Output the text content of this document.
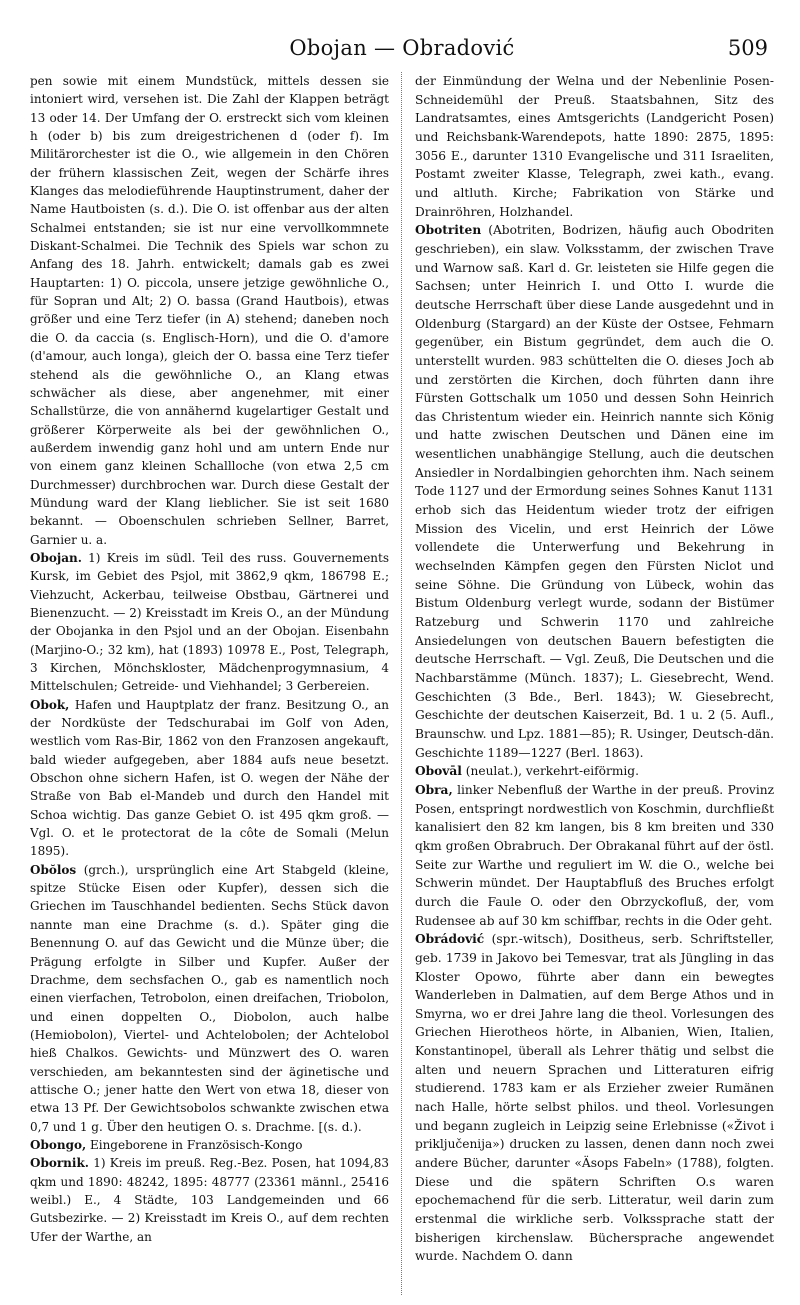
Obojan — Obradović	509

pen sowie mit einem Mundstück, mittels dessen sie intoniert wird, versehen ist. Die Zahl der Klappen beträgt 13 oder 14. Der Umfang der O. erstreckt sich vom kleinen h (oder b) bis zum dreigestrichenen d (oder f). Im Militärorchester ist die O., wie allgemein in den Chören der frühern klassischen Zeit, wegen der Schärfe ihres Klanges das melodieführende Hauptinstrument, daher der Name Hautboisten (s. d.). Die O. ist offenbar aus der alten Schalmei entstanden; sie ist nur eine vervollkommnete Diskant-Schalmei. Die Technik des Spiels war schon zu Anfang des 18. Jahrh. entwickelt; damals gab es zwei Hauptarten: 1) O. piccola, unsere jetzige gewöhnliche O., für Sopran und Alt; 2) O. bassa (Grand Hautbois), etwas größer und eine Terz tiefer (in A) stehend; daneben noch die O. da caccia (s. Englisch-Horn), und die O. d'amore (d'amour, auch longa), gleich der O. bassa eine Terz tiefer stehend als die gewöhnliche O., an Klang etwas schwächer als diese, aber angenehmer, mit einer Schallstürze, die von annähernd kugelartiger Gestalt und größerer Körperweite als bei der gewöhnlichen O., außerdem inwendig ganz hohl und am untern Ende nur von einem ganz kleinen Schallloche (von etwa 2,5 cm Durchmesser) durchbrochen war. Durch diese Gestalt der Mündung ward der Klang lieblicher. Sie ist seit 1680 bekannt. — Oboenschulen schrieben Sellner, Barret, Garnier u. a.

Obojan. 1) Kreis im südl. Teil des russ. Gouvernements Kursk, im Gebiet des Psjol, mit 3862,9 qkm, 186798 E.; Viehzucht, Ackerbau, teilweise Obstbau, Gärtnerei und Bienenzucht. — 2) Kreisstadt im Kreis O., an der Mündung der Obojanka in den Psjol und an der Obojan. Eisenbahn (Marjino-O.; 32 km), hat (1893) 10978 E., Post, Telegraph, 3 Kirchen, Mönchskloster, Mädchenprogymnasium, 4 Mittelschulen; Getreide- und Viehhandel; 3 Gerbereien.

Obok, Hafen und Hauptplatz der franz. Besitzung O., an der Nordküste der Tedschurabai im Golf von Aden, westlich vom Ras-Bir, 1862 von den Franzosen angekauft, bald wieder aufgegeben, aber 1884 aufs neue besetzt. Obschon ohne sichern Hafen, ist O. wegen der Nähe der Straße von Bab el-Mandeb und durch den Handel mit Schoa wichtig. Das ganze Gebiet O. ist 495 qkm groß. — Vgl. O. et le protectorat de la côte de Somali (Melun 1895).

Obŏlos (grch.), ursprünglich eine Art Stabgeld (kleine, spitze Stücke Eisen oder Kupfer), dessen sich die Griechen im Tauschhandel bedienten. Sechs Stück davon nannte man eine Drachme (s. d.). Später ging die Benennung O. auf das Gewicht und die Münze über; die Prägung erfolgte in Silber und Kupfer. Außer der Drachme, dem sechsfachen O., gab es namentlich noch einen vierfachen, Tetrobolon, einen dreifachen, Triobolon, und einen doppelten O., Diobolon, auch halbe (Hemiobolon), Viertel- und Achtelobolen; der Achtelobol hieß Chalkos. Gewichts- und Münzwert des O. waren verschieden, am bekanntesten sind der äginetische und attische O.; jener hatte den Wert von etwa 18, dieser von etwa 13 Pf. Der Gewichtsobolos schwankte zwischen etwa 0,7 und 1 g. Über den heutigen O. s. Drachme. [(s. d.).

Obongo, Eingeborene in Französisch-Kongo

Obornik. 1) Kreis im preuß. Reg.-Bez. Posen, hat 1094,83 qkm und 1890: 48242, 1895: 48777 (23361 männl., 25416 weibl.) E., 4 Städte, 103 Landgemeinden und 66 Gutsbezirke. — 2) Kreisstadt im Kreis O., auf dem rechten Ufer der Warthe, an

der Einmündung der Welna und der Nebenlinie Posen-Schneidemühl der Preuß. Staatsbahnen, Sitz des Landratsamtes, eines Amtsgerichts (Landgericht Posen) und Reichsbank-Warendepots, hatte 1890: 2875, 1895: 3056 E., darunter 1310 Evangelische und 311 Israeliten, Postamt zweiter Klasse, Telegraph, zwei kath., evang. und altluth. Kirche; Fabrikation von Stärke und Drainröhren, Holzhandel.

Obotriten (Abotriten, Bodrizen, häufig auch Obodriten geschrieben), ein slaw. Volksstamm, der zwischen Trave und Warnow saß. Karl d. Gr. leisteten sie Hilfe gegen die Sachsen; unter Heinrich I. und Otto I. wurde die deutsche Herrschaft über diese Lande ausgedehnt und in Oldenburg (Stargard) an der Küste der Ostsee, Fehmarn gegenüber, ein Bistum gegründet, dem auch die O. unterstellt wurden. 983 schüttelten die O. dieses Joch ab und zerstörten die Kirchen, doch führten dann ihre Fürsten Gottschalk um 1050 und dessen Sohn Heinrich das Christentum wieder ein. Heinrich nannte sich König und hatte zwischen Deutschen und Dänen eine im wesentlichen unabhängige Stellung, auch die deutschen Ansiedler in Nordalbingien gehorchten ihm. Nach seinem Tode 1127 und der Ermordung seines Sohnes Kanut 1131 erhob sich das Heidentum wieder trotz der eifrigen Mission des Vicelin, und erst Heinrich der Löwe vollendete die Unterwerfung und Bekehrung in wechselnden Kämpfen gegen den Fürsten Niclot und seine Söhne. Die Gründung von Lübeck, wohin das Bistum Oldenburg verlegt wurde, sodann der Bistümer Ratzeburg und Schwerin 1170 und zahlreiche Ansiedelungen von deutschen Bauern befestigten die deutsche Herrschaft. — Vgl. Zeuß, Die Deutschen und die Nachbarstämme (Münch. 1837); L. Giesebrecht, Wend. Geschichten (3 Bde., Berl. 1843); W. Giesebrecht, Geschichte der deutschen Kaiserzeit, Bd. 1 u. 2 (5. Aufl., Braunschw. und Lpz. 1881—85); R. Usinger, Deutsch-dän. Geschichte 1189—1227 (Berl. 1863).

Obovāl (neulat.), verkehrt-eiförmig.

Obra, linker Nebenfluß der Warthe in der preuß. Provinz Posen, entspringt nordwestlich von Koschmin, durchfließt kanalisiert den 82 km langen, bis 8 km breiten und 330 qkm großen Obrabruch. Der Obrakanal führt auf der östl. Seite zur Warthe und reguliert im W. die O., welche bei Schwerin mündet. Der Hauptabfluß des Bruches erfolgt durch die Faule O. oder den Obrzyckofluß, der, vom Rudensee ab auf 30 km schiffbar, rechts in die Oder geht.

Obrádović (spr.-witsch), Dositheus, serb. Schriftsteller, geb. 1739 in Jakovo bei Temesvar, trat als Jüngling in das Kloster Opowo, führte aber dann ein bewegtes Wanderleben in Dalmatien, auf dem Berge Athos und in Smyrna, wo er drei Jahre lang die theol. Vorlesungen des Griechen Hierotheos hörte, in Albanien, Wien, Italien, Konstantinopel, überall als Lehrer thätig und selbst die alten und neuern Sprachen und Litteraturen eifrig studierend. 1783 kam er als Erzieher zweier Rumänen nach Halle, hörte selbst philos. und theol. Vorlesungen und begann zugleich in Leipzig seine Erlebnisse («Život i priključenija») drucken zu lassen, denen dann noch zwei andere Bücher, darunter «Äsops Fabeln» (1788), folgten. Diese und die spätern Schriften O.s waren epochemachend für die serb. Litteratur, weil darin zum erstenmal die wirkliche serb. Volkssprache statt der bisherigen kirchenslaw. Büchersprache angewendet wurde. Nachdem O. dann
